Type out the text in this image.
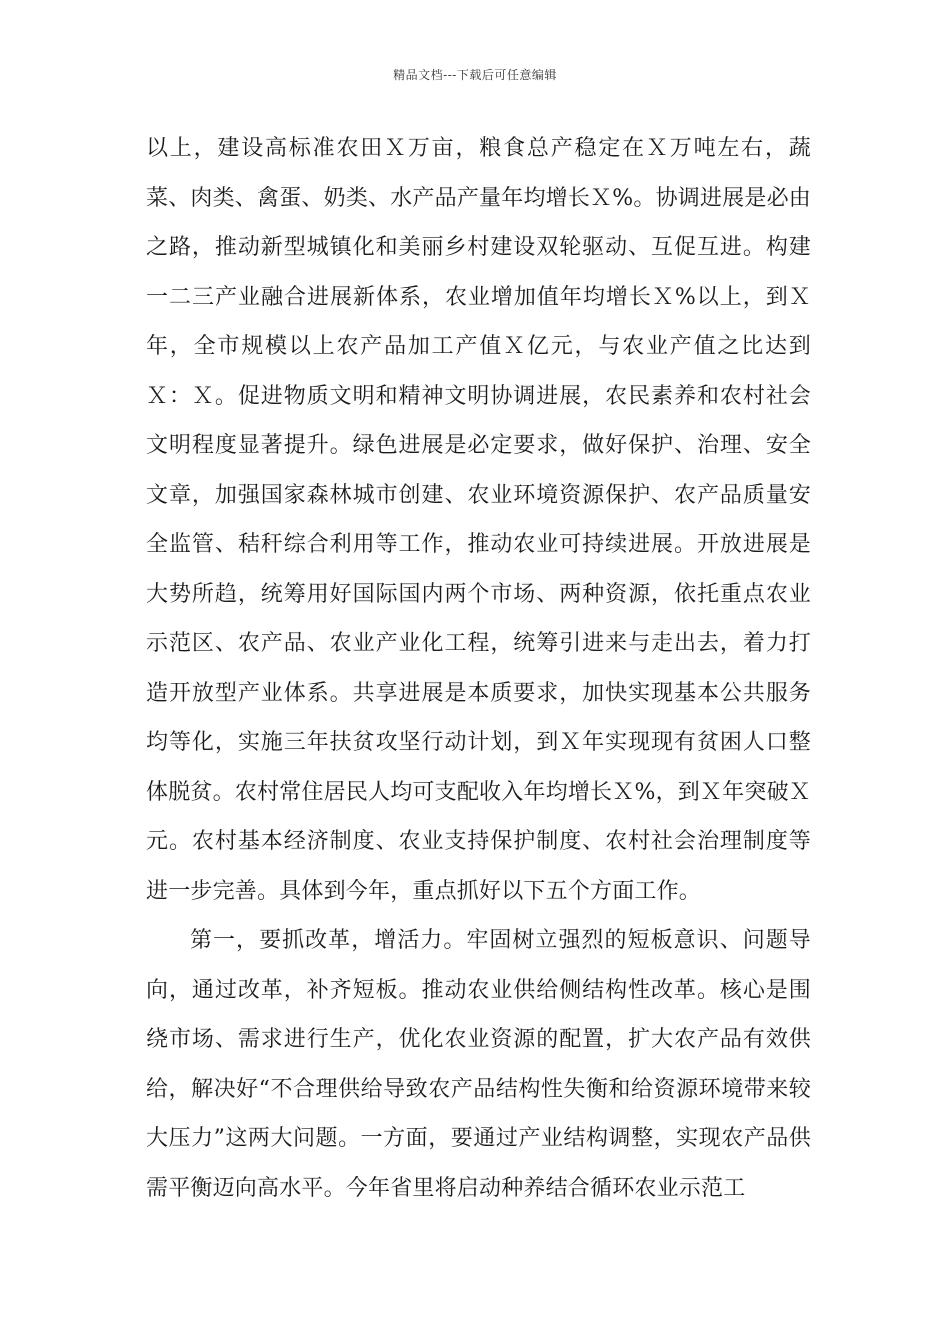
精品文档---下载后可任意编辑

以上，建设高标准农田Ｘ万亩，粮食总产稳定在Ｘ万吨左右，蔬菜、肉类、禽蛋、奶类、水产品产量年均增长Ｘ%。协调进展是必由之路，推动新型城镇化和美丽乡村建设双轮驱动、互促互进。构建一二三产业融合进展新体系，农业增加值年均增长Ｘ%以上，到Ｘ年，全市规模以上农产品加工产值Ｘ亿元，与农业产值之比达到Ｘ：Ｘ。促进物质文明和精神文明协调进展，农民素养和农村社会文明程度显著提升。绿色进展是必定要求，做好保护、治理、安全文章，加强国家森林城市创建、农业环境资源保护、农产品质量安全监管、秸秆综合利用等工作，推动农业可持续进展。开放进展是大势所趋，统筹用好国际国内两个市场、两种资源，依托重点农业示范区、农产品、农业产业化工程，统筹引进来与走出去，着力打造开放型产业体系。共享进展是本质要求，加快实现基本公共服务均等化，实施三年扶贫攻坚行动计划，到Ｘ年实现现有贫困人口整体脱贫。农村常住居民人均可支配收入年均增长Ｘ%，到Ｘ年突破Ｘ元。农村基本经济制度、农业支持保护制度、农村社会治理制度等进一步完善。具体到今年，重点抓好以下五个方面工作。

第一，要抓改革，增活力。牢固树立强烈的短板意识、问题导向，通过改革，补齐短板。推动农业供给侧结构性改革。核心是围绕市场、需求进行生产，优化农业资源的配置，扩大农产品有效供给，解决好“不合理供给导致农产品结构性失衡和给资源环境带来较大压力”这两大问题。一方面，要通过产业结构调整，实现农产品供需平衡迈向高水平。今年省里将启动种养结合循环农业示范工
